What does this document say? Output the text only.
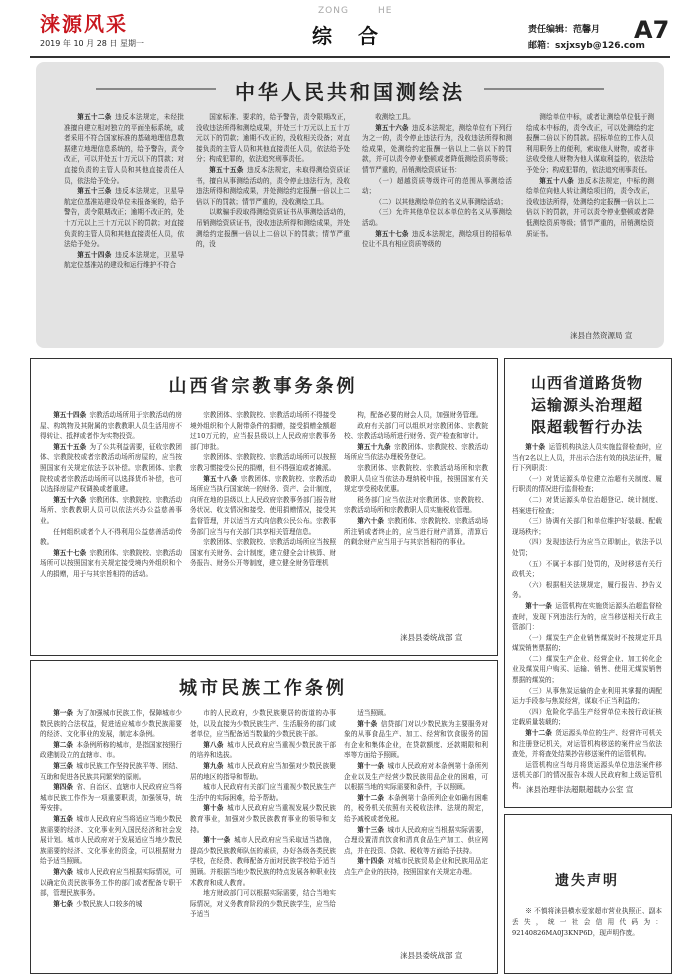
涞源风采
2019 年 10 月 28 日 星期一
ZONG	HE
综合	责任编辑：范馨月
邮箱：sxjxsyb@126.com
A7
中华人民共和国测绘法

第五十二条  违反本法规定，未经批准擅自建立相对独立的平面坐标系统，或者采用不符合国家标准的基础地理信息数据建立地理信息系统的，给予警告，责令改正，可以并处五十万元以下的罚款；对直接负责的主管人员和其他直接责任人员，依法给予处分。

第五十三条  违反本法规定，卫星导航定位基准站建设单位未报备案的，给予警告，责令限期改正；逾期不改正的，处十万元以上三十万元以下的罚款；对直接负责的主管人员和其他直接责任人员，依法给予处分。

第五十四条  违反本法规定，卫星导航定位基准站的建设和运行维护不符合

国家标准、要求的，给予警告，责令限期改正，没收违法所得和测绘成果，并处三十万元以上五十万元以下的罚款；逾期不改正的，没收相关设备；对直接负责的主管人员和其他直接责任人员，依法给予处分；构成犯罪的，依法追究刑事责任。

第五十五条  违反本法规定，未取得测绘资质证书，擅自从事测绘活动的，责令停止违法行为，没收违法所得和测绘成果，并处测绘约定报酬一倍以上二倍以下的罚款；情节严重的，没收测绘工具。

以欺骗手段取得测绘资质证书从事测绘活动的，吊销测绘资质证书，没收违法所得和测绘成果，并处测绘约定报酬一倍以上二倍以下的罚款；情节严重的，没

收测绘工具。

第五十六条  违反本法规定，测绘单位有下列行为之一的，责令停止违法行为，没收违法所得和测绘成果，处测绘约定报酬一倍以上二倍以下的罚款，并可以责令停业整顿或者降低测绘资质等级；情节严重的，吊销测绘资质证书：

（一）超越资质等级许可的范围从事测绘活动；

（二）以其他测绘单位的名义从事测绘活动；

（三）允许其他单位以本单位的名义从事测绘活动。

第五十七条  违反本法规定，测绘项目的招标单位让不具有相应资质等级的

测绘单位中标，或者让测绘单位低于测绘成本中标的，责令改正，可以处测绘约定报酬二倍以下的罚款。招标单位的工作人员利用职务上的便利，索取他人财物，或者非法收受他人财物为他人谋取利益的，依法给予处分；构成犯罪的，依法追究刑事责任。

第五十八条  违反本法规定，中标的测绘单位向他人转让测绘项目的，责令改正，没收违法所得，处测绘约定报酬一倍以上二倍以下的罚款，并可以责令停业整顿或者降低测绘资质等级；情节严重的，吊销测绘资质证书。

涞县自然资源局 宣
山西省宗教事务条例

第五十四条  宗教活动场所用于宗教活动的房屋、构筑物及其附属的宗教教职人员生活用房不得转让、抵押或者作为实物投资。

第五十五条  为了公共利益需要，征收宗教团体、宗教院校或者宗教活动场所房屋的，应当按照国家有关规定依法予以补偿。宗教团体、宗教院校或者宗教活动场所可以选择货币补偿，也可以选择房屋产权调换或者重建。

第五十六条  宗教团体、宗教院校、宗教活动场所、宗教教职人员可以依法兴办公益慈善事业。

任何组织或者个人不得利用公益慈善活动传教。

第五十七条  宗教团体、宗教院校、宗教活动场所可以按照国家有关规定接受境内外组织和个人的捐赠，用于与其宗旨相符的活动。

宗教团体、宗教院校、宗教活动场所不得接受境外组织和个人附带条件的捐赠，接受捐赠金额超过10万元的，应当报县级以上人民政府宗教事务部门审批。

宗教团体、宗教院校、宗教活动场所可以按照宗教习惯接受公民的捐赠，但不得强迫或者摊派。

第五十八条  宗教团体、宗教院校、宗教活动场所应当执行国家统一的财务、资产、会计制度，向所在地的县级以上人民政府宗教事务部门报告财务状况、收支情况和接受、使用捐赠情况，接受其监督管理，并以适当方式向信教公民公布。宗教事务部门应当与有关部门共享相关管理信息。

宗教团体、宗教院校、宗教活动场所应当按照国家有关财务、会计制度，建立健全会计核算、财务报告、财务公开等制度，建立健全财务管理机

构，配备必要的财会人员，加强财务管理。

政府有关部门可以组织对宗教团体、宗教院校、宗教活动场所进行财务、资产检查和审计。

第五十九条  宗教团体、宗教院校、宗教活动场所应当依法办理税务登记。

宗教团体、宗教院校、宗教活动场所和宗教教职人员应当依法办理纳税申报，按照国家有关规定享受税收优惠。

税务部门应当依法对宗教团体、宗教院校、宗教活动场所和宗教教职人员实施税收管理。

第六十条  宗教团体、宗教院校、宗教活动场所注销或者终止的，应当进行财产清算，清算后的剩余财产应当用于与其宗旨相符的事业。

涞县县委统战部 宣
城市民族工作条例

第一条  为了加强城市民族工作，保障城市少数民族的合法权益，促进适应城市少数民族需要的经济、文化事业的发展，制定本条例。

第二条  本条例所称的城市，是指国家按照行政建制设立的直辖市、市。

第三条  城市民族工作坚持民族平等、团结、互助和促进各民族共同繁荣的原则。

第四条  省、自治区、直辖市人民政府应当将城市民族工作作为一项重要职责，加强领导，统筹安排。

第五条  城市人民政府应当将适应当地少数民族需要的经济、文化事业列入国民经济和社会发展计划。城市人民政府对于发展适应当地少数民族需要的经济、文化事业的资金，可以根据财力给予适当照顾。

第六条  城市人民政府应当根据实际情况，可以确定负责民族事务工作的部门或者配备专职干部，管理民族事务。

第七条  少数民族人口较多的城

市的人民政府，少数民族聚居的街道的办事处，以及直接为少数民族生产、生活服务的部门或者单位，应当配备适当数量的少数民族干部。

第八条  城市人民政府应当重视少数民族干部的培养和选拔。

第九条  城市人民政府应当加强对少数民族聚居的地区的指导和帮助。

城市人民政府有关部门应当重视少数民族生产生活中的实际困难，给予帮助。

第十条  城市人民政府应当重视发展少数民族教育事业，加强对少数民族教育事业的领导和支持。

第十一条  城市人民政府应当采取适当措施，提高少数民族教师队伍的素质，办好各级各类民族学校，在经费、教师配备方面对民族学校给予适当照顾。并根据当地少数民族的特点发展各种职业技术教育和成人教育。

地方财政部门可以根据实际需要，结合当地实际情况，对义务教育阶段的少数民族学生，应当给予适当

适当照顾。

第十条  信贷部门对以少数民族为主要服务对象的从事食品生产、加工、经营和饮食服务的国有企业和集体企业，在贷款额度、还款期限和利率等方面给予照顾。

第十一条  城市人民政府对本条例第十条所列企业以及生产经营少数民族用品企业的困难，可以根据当地的实际需要和条件，予以照顾。

第十二条  本条例第十条所列企业如确有困难的，税务机关依照有关税收法律、法规的规定，给予减税或者免税。

第十三条  城市人民政府应当根据实际需要，合理设置清真饮食和清真食品生产加工、供应网点，并在投资、贷款、税收等方面给予扶持。

第十四条  对城市民族贸易企业和民族用品定点生产企业的扶持，按照国家有关规定办理。

涞县县委统战部 宣
山西省道路货物
运输源头治理超
限超载暂行办法

第十条  运管机构执法人员实施监督检查时，应当有2名以上人员，并出示合法有效的执法证件，履行下列职责：

（一）对货运源头单位建立治超有关制度、履行职责的情况进行监督检查；

（二）对货运源头单位治超登记、统计制度、档案进行检查；

（三）协调有关部门和单位维护好装载、配载现场秩序；

（四）发现违法行为应当立即制止，依法予以处罚；

（五）不属于本部门处罚的，及时移送有关行政机关；

（六）根据相关法规规定，履行报告、抄告义务。

第十一条  运管机构在实施货运源头治超监督检查时，发现下列违法行为的，应当移送相关行政主管部门：

（一）煤炭生产企业销售煤炭时不按规定开具煤炭销售票据的；

（二）煤炭生产企业、经营企业、加工转化企业及煤炭用户购买、运输、销售、使用无煤炭销售票据的煤炭的；

（三）从事焦炭运输的企业利用其掌握的调配运力手段参与焦炭经营，谋取不正当利益的；

（四）危险化学品生产经营单位未按行政证核定载质量装载的；

第十二条  货运源头单位的生产、经营许可机关和注册登记机关，对运管机构移送的案件应当依法查处，并将查处结果抄告移送案件的运管机构。

运管机构应当每月将货运源头单位违法案件移送机关部门的情况报告本级人民政府和上级运管机构。 涞县治理非法超限超载办公室 宣
遗失声明

※ 不慎将涞县横水爱家超市营业执照正、副本丢失，统一社会信用代码为：92140826MA0J3KNP6D，现声明作废。
